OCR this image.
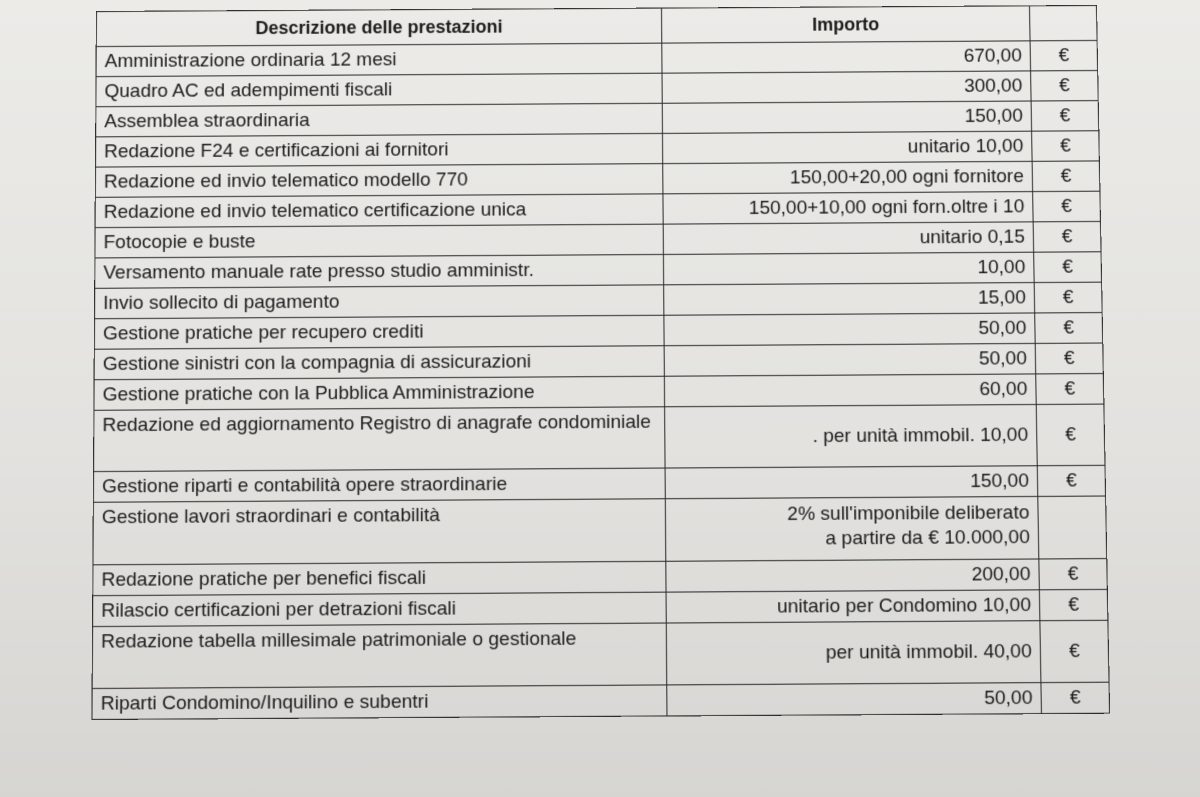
Descrizione delle prestazioni	Importo	
Amministrazione ordinaria 12 mesi	670,00	€
Quadro AC ed adempimenti fiscali	300,00	€
Assemblea straordinaria	150,00	€
Redazione F24 e certificazioni ai fornitori	unitario 10,00	€
Redazione ed invio telematico modello 770	150,00+20,00 ogni fornitore	€
Redazione ed invio telematico certificazione unica	150,00+10,00 ogni forn.oltre i 10	€
Fotocopie e buste	unitario 0,15	€
Versamento manuale rate presso studio amministr.	10,00	€
Invio sollecito di pagamento	15,00	€
Gestione pratiche per recupero crediti	50,00	€
Gestione sinistri con la compagnia di assicurazioni	50,00	€
Gestione pratiche con la Pubblica Amministrazione	60,00	€
Redazione ed aggiornamento Registro di anagrafe condominiale	. per unità immobil. 10,00	€
Gestione riparti e contabilità opere straordinarie	150,00	€
Gestione lavori straordinari e contabilità	2% sull'imponibile deliberato
a partire da € 10.000,00	
Redazione pratiche per benefici fiscali	200,00	€
Rilascio certificazioni per detrazioni fiscali	unitario per Condomino 10,00	€
Redazione tabella millesimale patrimoniale o gestionale	per unità immobil. 40,00	€
Riparti Condomino/Inquilino e subentri	50,00	€
